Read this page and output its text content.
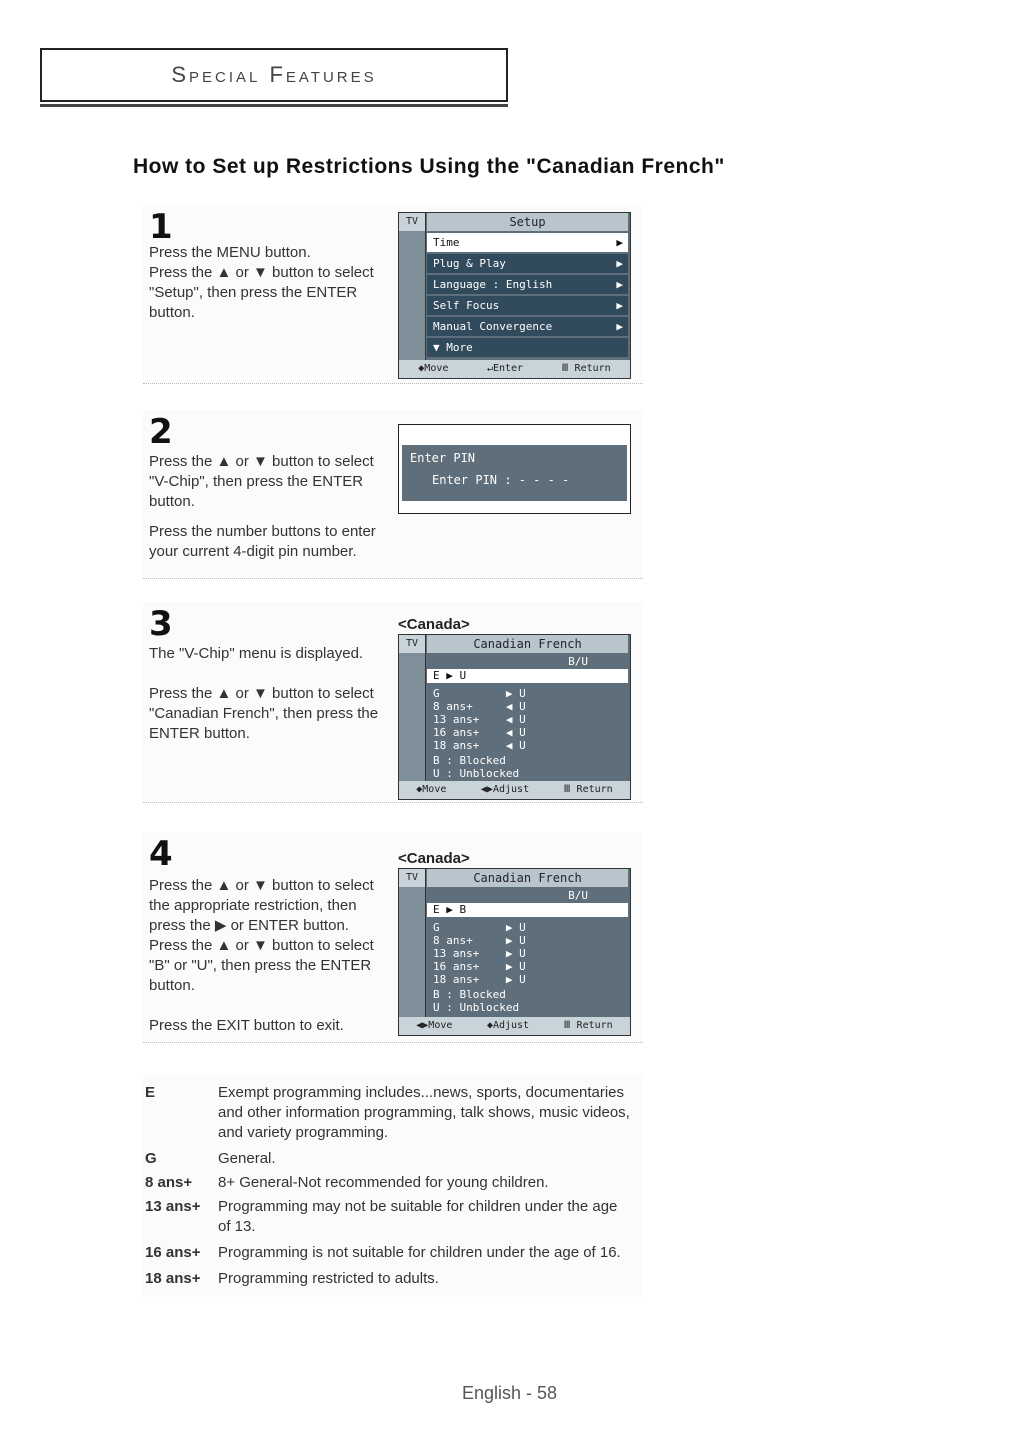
Special Features
How to Set up Restrictions Using the "Canadian French"
1
Press the MENU button.
Press the ▲ or ▼ button to select
"Setup", then press the ENTER
button.
TV	Setup
Time	▶
Plug & Play	▶
Language : English	▶
Self Focus	▶
Manual Convergence	▶
▼ More
◆Move	↵Enter	Ⅲ Return
2
Press the ▲ or ▼ button to select
"V-Chip", then press the ENTER
button.
Press the number buttons to enter
your current 4-digit pin number.
Enter PIN
Enter PIN : - - - -
3
The "V-Chip" menu is displayed.
Press the ▲ or ▼ button to select
"Canadian French", then press the
ENTER button.
<Canada>
TV	Canadian French
B/U
E ▶ U
G          ▶ U
8 ans+     ◀ U
13 ans+    ◀ U
16 ans+    ◀ U
18 ans+    ◀ U
B : Blocked
U : Unblocked
◆Move	◀▶Adjust	Ⅲ Return
4
Press the ▲ or ▼ button to select
the appropriate restriction, then
press the ▶ or ENTER button.
Press the ▲ or ▼ button to select
"B" or "U", then press the ENTER
button.
Press the EXIT button to exit.
<Canada>
TV	Canadian French
B/U
E ▶ B
G          ▶ U
8 ans+     ▶ U
13 ans+    ▶ U
16 ans+    ▶ U
18 ans+    ▶ U
B : Blocked
U : Unblocked
◀▶Move	◆Adjust	Ⅲ Return
E	Exempt programming includes...news, sports, documentaries
and other information programming, talk shows, music videos,
and variety programming.
G	General.
8 ans+	8+ General-Not recommended for young children.
13 ans+	Programming may not be suitable for children under the age
of 13.
16 ans+	Programming is not suitable for children under the age of 16.
18 ans+	Programming restricted to adults.
English - 58
